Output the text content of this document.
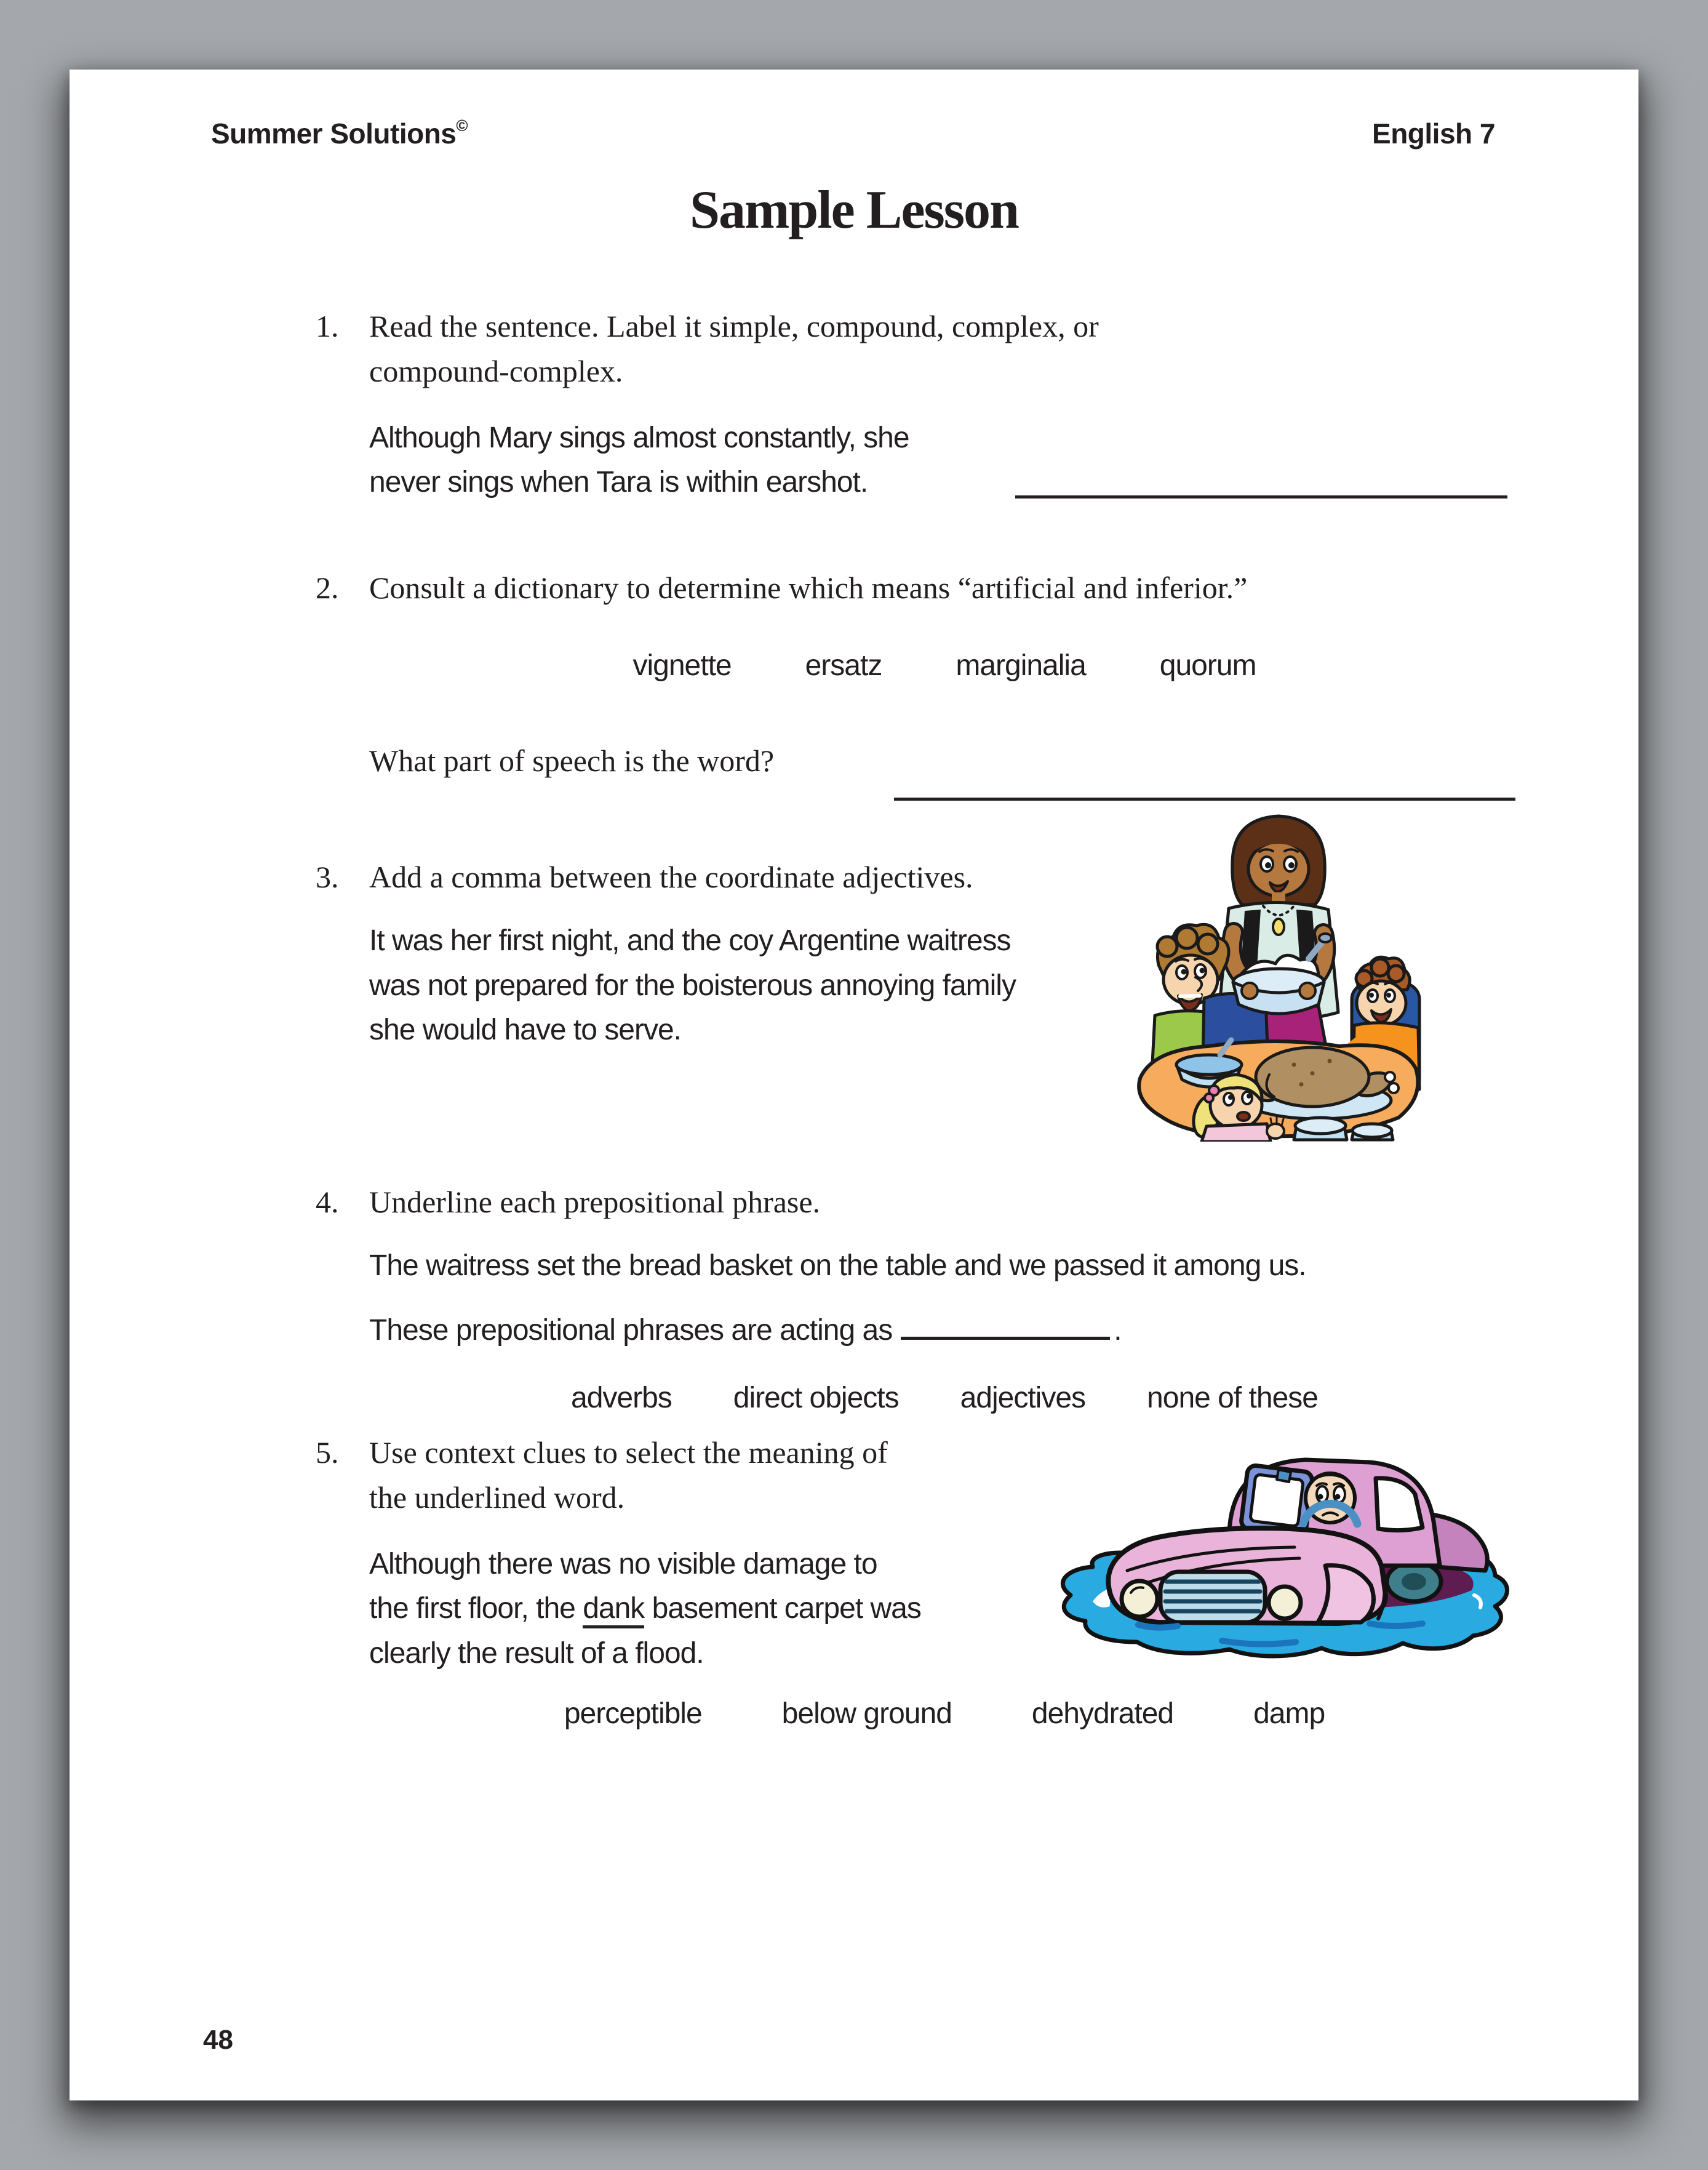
Summer Solutions©	English 7
Sample Lesson
1. Read the sentence. Label it simple, compound, complex, or
compound-complex.
Although Mary sings almost constantly, she
never sings when Tara is within earshot.
2. Consult a dictionary to determine which means “artificial and inferior.”
vignette	ersatz	marginalia	quorum
What part of speech is the word?
3. Add a comma between the coordinate adjectives.
It was her first night, and the coy Argentine waitress
was not prepared for the boisterous annoying family
she would have to serve.
4. Underline each prepositional phrase.
The waitress set the bread basket on the table and we passed it among us.
These prepositional phrases are acting as	.
adverbs direct objects adjectives none of these
5. Use context clues to select the meaning of
the underlined word.
Although there was no visible damage to
the first floor, the dank basement carpet was
clearly the result of a flood.
perceptible	below ground	dehydrated	damp
48
